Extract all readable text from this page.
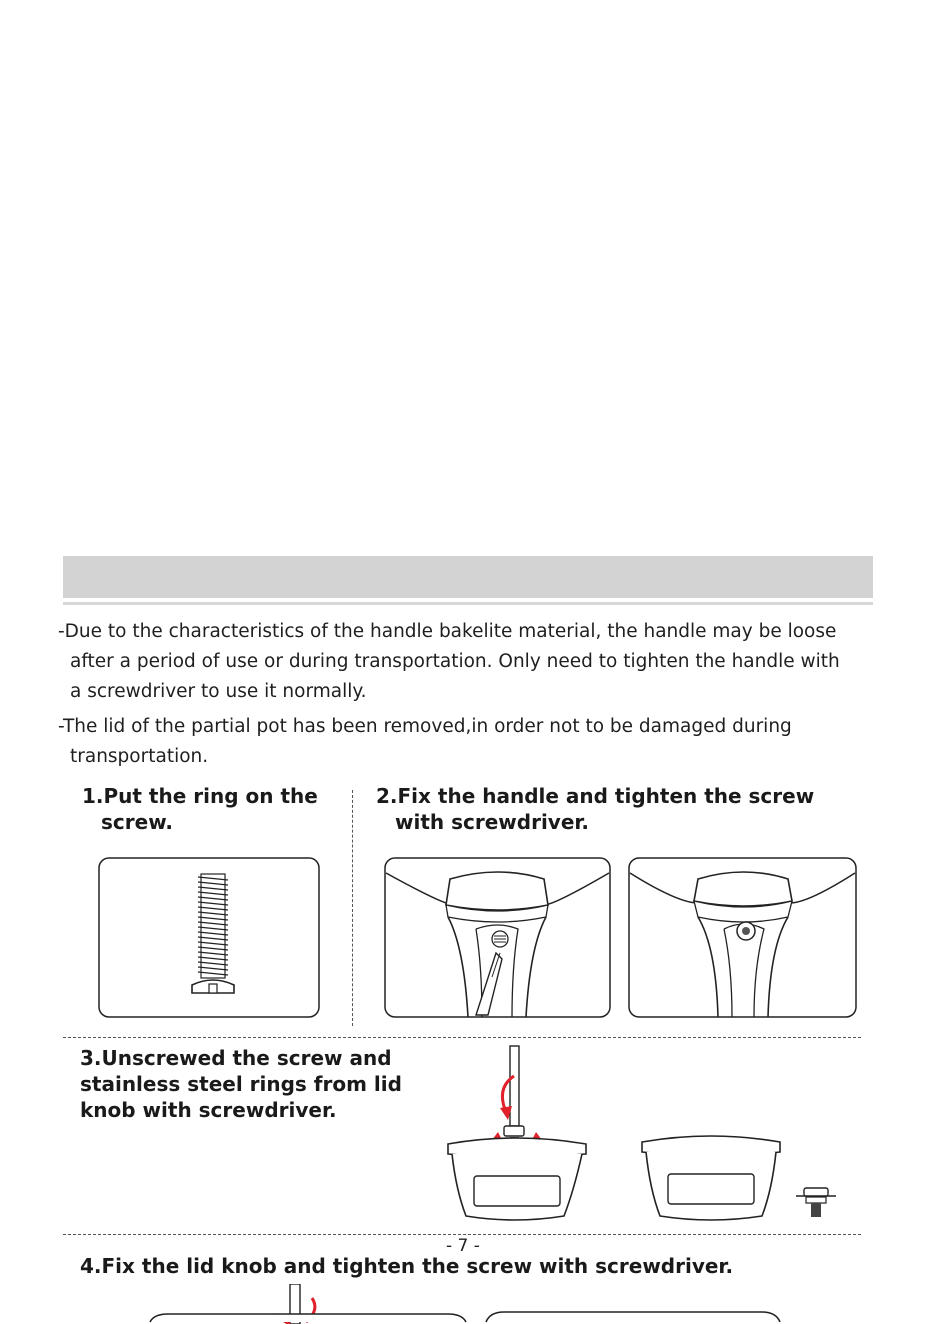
-Due to the characteristics of the handle bakelite material, the handle may be loose
after a period of use or during transportation. Only need to tighten the handle with
a screwdriver to use it normally.
-The lid of the partial pot has been removed,in order not to be damaged during
transportation.
1.Put the ring on the
screw.
2.Fix the handle and tighten the screw
with screwdriver.
3.Unscrewed the screw and
stainless steel rings from lid
knob with screwdriver.
- 7 -
4.Fix the lid knob and tighten the screw with screwdriver.
